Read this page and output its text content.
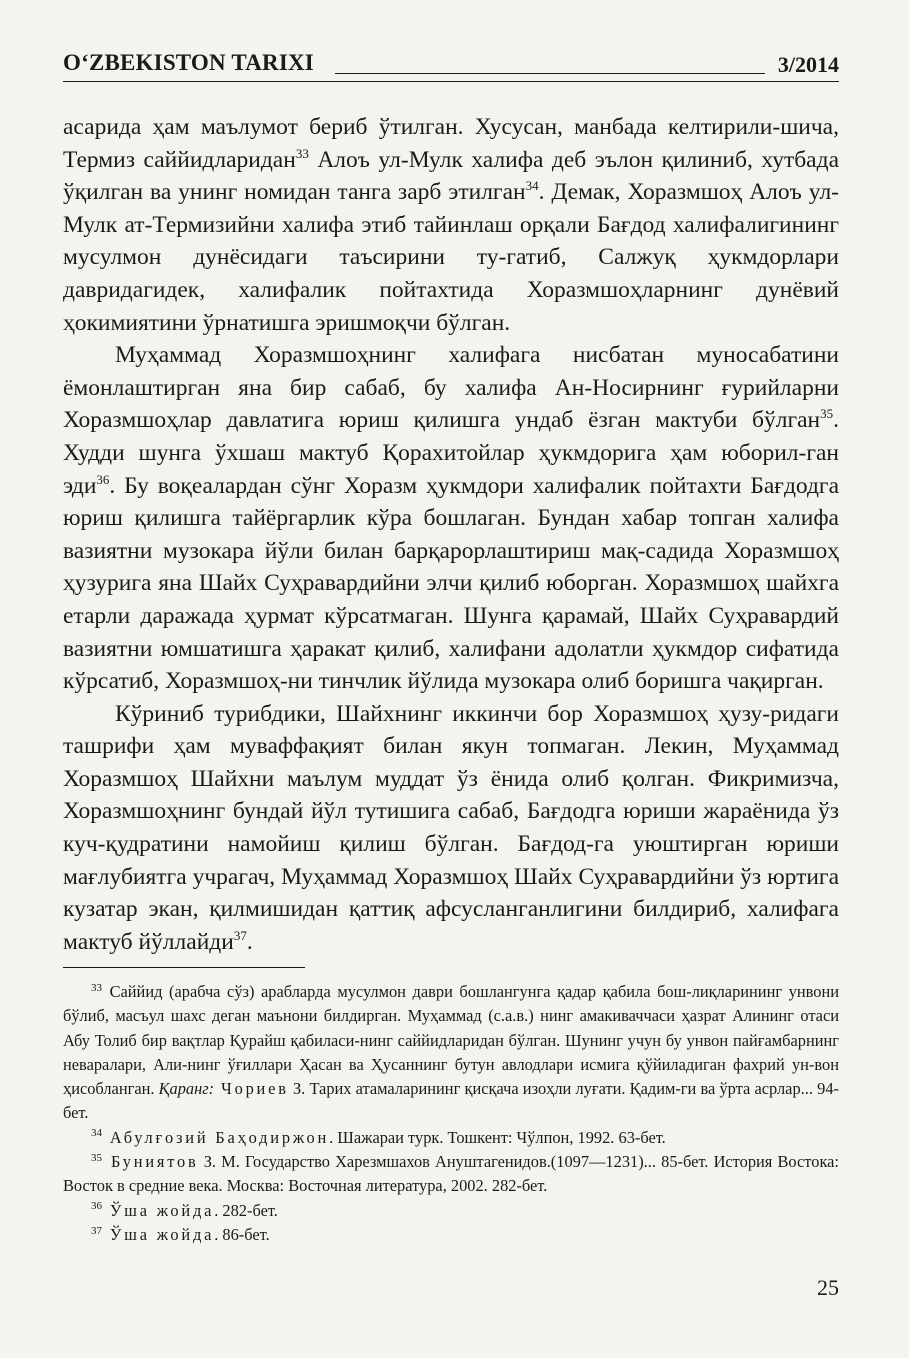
O‘ZBEKISTON TARIXI	3/2014

асарида ҳам маълумот бериб ўтилган. Хусусан, манбада келтирили-шича, Термиз саййидларидан$^{33}$ Алоъ ул-Мулк халифа деб эълон қилиниб, хутбада ўқилган ва унинг номидан танга зарб этилган$^{34}$. Демак, Хоразмшоҳ Алоъ ул-Мулк ат-Термизийни халифа этиб тайинлаш орқали Бағдод халифалигининг мусулмон дунёсидаги таъсирини ту-гатиб, Салжуқ ҳукмдорлари давридагидек, халифалик пойтахтида Хоразмшоҳларнинг дунёвий ҳокимиятини ўрнатишга эришмоқчи бўлган.

Муҳаммад Хоразмшоҳнинг халифага нисбатан муносабатини ёмонлаштирган яна бир сабаб, бу халифа Ан-Носирнинг ғурийларни Хоразмшоҳлар давлатига юриш қилишга ундаб ёзган мактуби бўлган$^{35}$. Худди шунга ўхшаш мактуб Қорахитойлар ҳукмдорига ҳам юборил-ган эди$^{36}$. Бу воқеалардан сўнг Хоразм ҳукмдори халифалик пойтахти Бағдодга юриш қилишга тайёргарлик кўра бошлаган. Бундан хабар топган халифа вазиятни музокара йўли билан барқарорлаштириш мақ-садида Хоразмшоҳ ҳузурига яна Шайх Суҳравардийни элчи қилиб юборган. Хоразмшоҳ шайхга етарли даражада ҳурмат кўрсатмаган. Шунга қарамай, Шайх Суҳравардий вазиятни юмшатишга ҳаракат қилиб, халифани адолатли ҳукмдор сифатида кўрсатиб, Хоразмшоҳ-ни тинчлик йўлида музокара олиб боришга чақирган.

Кўриниб турибдики, Шайхнинг иккинчи бор Хоразмшоҳ ҳузу-ридаги ташрифи ҳам муваффақият билан якун топмаган. Лекин, Муҳаммад Хоразмшоҳ Шайхни маълум муддат ўз ёнида олиб қолган. Фикримизча, Хоразмшоҳнинг бундай йўл тутишига сабаб, Бағдодга юриши жараёнида ўз куч-қудратини намойиш қилиш бўлган. Бағдод-га уюштирган юриши мағлубиятга учрагач, Муҳаммад Хоразмшоҳ Шайх Суҳравардийни ўз юртига кузатар экан, қилмишидан қаттиқ афсусланганлигини билдириб, халифага мактуб йўллайди$^{37}$.

$^{33}$ Саййид (арабча сўз) арабларда мусулмон даври бошлангунга қадар қабила бош-лиқларининг унвони бўлиб, масъул шахс деган маънони билдирган. Муҳаммад (с.а.в.) нинг амакиваччаси ҳазрат Алининг отаси Абу Толиб бир вақтлар Қурайш қабиласи-нинг саййидларидан бўлган. Шунинг учун бу унвон пайғамбарнинг неваралари, Али-нинг ўғиллари Ҳасан ва Ҳусаннинг бутун авлодлари исмига қўйиладиган фахрий ун-вон ҳисобланган. Қаранг: Чориев З. Тарих атамаларининг қисқача изоҳли луғати. Қадим-ги ва ўрта асрлар... 94-бет.

$^{34}$ Абулғозий Баҳодиржон. Шажараи турк. Тошкент: Чўлпон, 1992. 63-бет.

$^{35}$ Буниятов З. М. Государство Харезмшахов Ануштагенидов.(1097—1231)... 85-бет. История Востока: Восток в средние века. Москва: Восточная литература, 2002. 282-бет.

$^{36}$ Ўша жойда. 282-бет.

$^{37}$ Ўша жойда. 86-бет.

25
